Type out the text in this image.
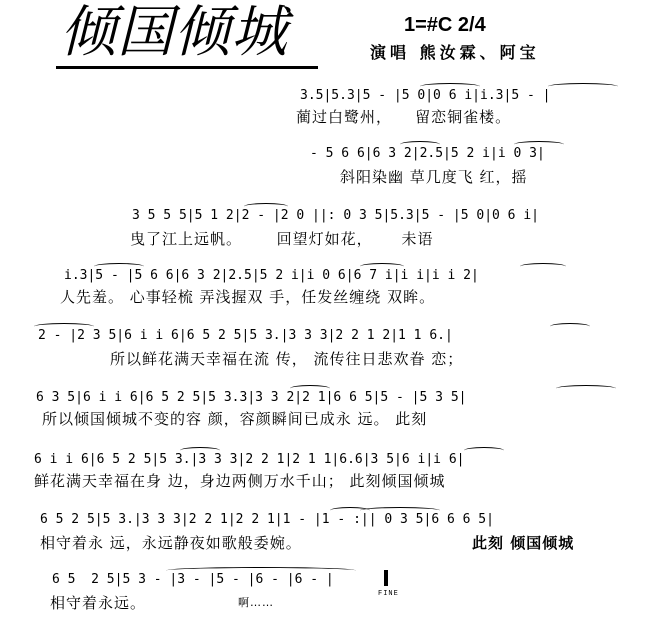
倾国倾城	1=#C 2/4
演唱 熊汝霖、阿宝
3.5|5.3|5 - |5 0|0 6 i|i.3|5 - |
蔺过白鹭州，    留恋铜雀楼。
- 5 6 6|6 3 2|2.5|5 2 i|i 0 3|
斜阳染幽 草几度飞 红，摇
3 5 5 5|5 1 2|2 - |2 0 ||: 0 3 5|5.3|5 - |5 0|0 6 i|
曳了江上远帆。      回望灯如花，     未语
i.3|5 - |5 6 6|6 3 2|2.5|5 2 i|i 0 6|6 7 i|i i|i i 2|
人先羞。 心事轻梳 弄浅握双 手，任发丝缠绕 双眸。
2 - |2 3 5|6 i i 6|6 5 2 5|5 3.|3 3 3|2 2 1 2|1 1 6.|
所以鲜花满天幸福在流 传， 流传往日悲欢眷 恋；
6 3 5|6 i i 6|6 5 2 5|5 3.3|3 3 2|2 1|6 6 5|5 - |5 3 5|
所以倾国倾城不变的容 颜，容颜瞬间已成永 远。 此刻
6 i i 6|6 5 2 5|5 3.|3 3 3|2 2 1|2 1 1|6.6|3 5|6 i|i 6|
鲜花满天幸福在身 边，身边两侧万水千山； 此刻倾国倾城
6 5 2 5|5 3.|3 3 3|2 2 1|2 2 1|1 - |1 - :|| 0 3 5|6 6 6 5|
相守着永 远，永远静夜如歌般委婉。	此刻 倾国倾城
6 5  2 5|5 3 - |3 - |5 - |6 - |6 - |
相守着永远。	啊……
FINE
